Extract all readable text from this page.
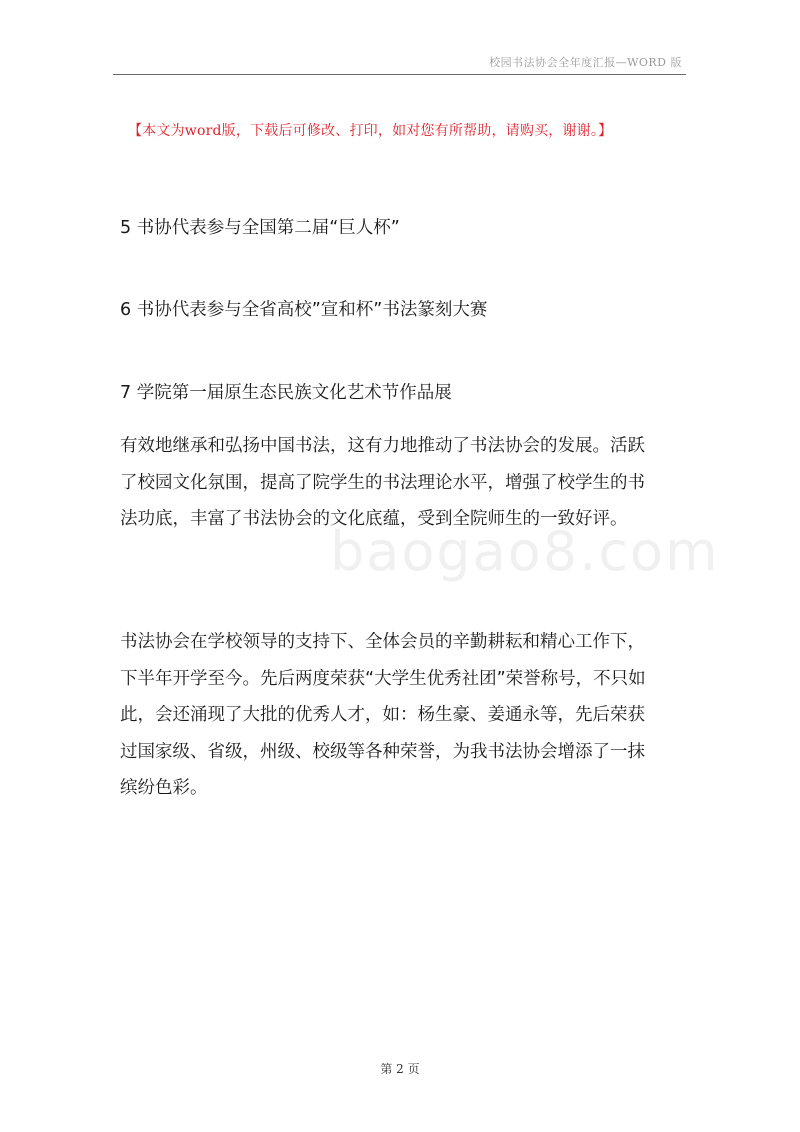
校园书法协会全年度汇报—WORD 版
【本文为word版，下载后可修改、打印，如对您有所帮助，请购买，谢谢。】
5 书协代表参与全国第二届“巨人杯”
6 书协代表参与全省高校”宣和杯”书法篆刻大赛
7 学院第一届原生态民族文化艺术节作品展

有效地继承和弘扬中国书法，这有力地推动了书法协会的发展。活跃

了校园文化氛围，提高了院学生的书法理论水平，增强了校学生的书

法功底，丰富了书法协会的文化底蕴，受到全院师生的一致好评。

baogao8.com

书法协会在学校领导的支持下、全体会员的辛勤耕耘和精心工作下，

下半年开学至今。先后两度荣获“大学生优秀社团”荣誉称号，不只如

此，会还涌现了大批的优秀人才，如：杨生豪、姜通永等，先后荣获

过国家级、省级，州级、校级等各种荣誉，为我书法协会增添了一抹

缤纷色彩。

第 2 页
